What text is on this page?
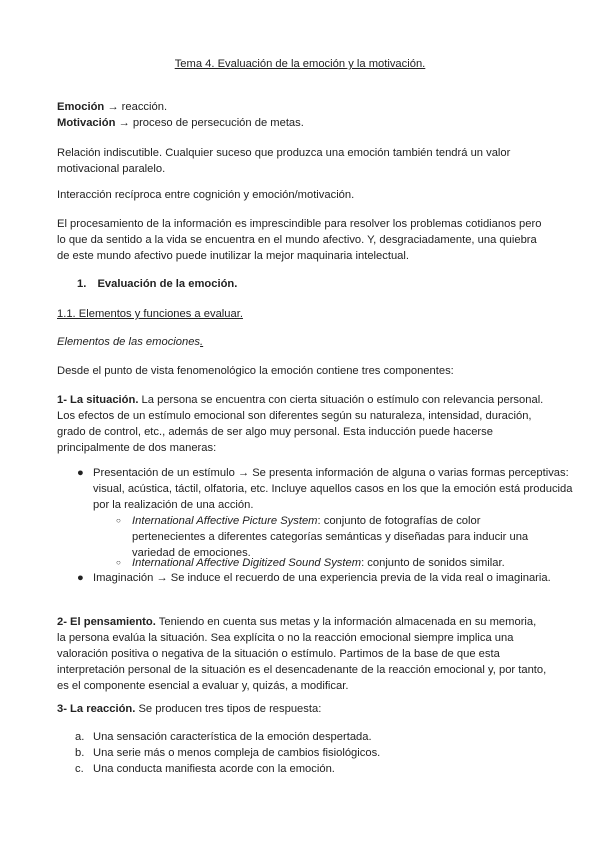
Tema 4. Evaluación de la emoción y la motivación.

Emoción → reacción.

Motivación → proceso de persecución de metas.

Relación indiscutible. Cualquier suceso que produzca una emoción también tendrá un valor motivacional paralelo.

Interacción recíproca entre cognición y emoción/motivación.

El procesamiento de la información es imprescindible para resolver los problemas cotidianos pero lo que da sentido a la vida se encuentra en el mundo afectivo. Y, desgraciadamente, una quiebra de este mundo afectivo puede inutilizar la mejor maquinaria intelectual.

1. Evaluación de la emoción.

1.1. Elementos y funciones a evaluar.

Elementos de las emociones.

Desde el punto de vista fenomenológico la emoción contiene tres componentes:

1- La situación. La persona se encuentra con cierta situación o estímulo con relevancia personal. Los efectos de un estímulo emocional son diferentes según su naturaleza, intensidad, duración, grado de control, etc., además de ser algo muy personal. Esta inducción puede hacerse principalmente de dos maneras:

● Presentación de un estímulo → Se presenta información de alguna o varias formas perceptivas: visual, acústica, táctil, olfatoria, etc. Incluye aquellos casos en los que la emoción está producida por la realización de una acción.

○ International Affective Picture System: conjunto de fotografías de color pertenecientes a diferentes categorías semánticas y diseñadas para inducir una variedad de emociones.

○ International Affective Digitized Sound System: conjunto de sonidos similar.

● Imaginación → Se induce el recuerdo de una experiencia previa de la vida real o imaginaria.

2- El pensamiento. Teniendo en cuenta sus metas y la información almacenada en su memoria, la persona evalúa la situación. Sea explícita o no la reacción emocional siempre implica una valoración positiva o negativa de la situación o estímulo. Partimos de la base de que esta interpretación personal de la situación es el desencadenante de la reacción emocional y, por tanto, es el componente esencial a evaluar y, quizás, a modificar.

3- La reacción. Se producen tres tipos de respuesta:

a. Una sensación característica de la emoción despertada.
b. Una serie más o menos compleja de cambios fisiológicos.
c. Una conducta manifiesta acorde con la emoción.
